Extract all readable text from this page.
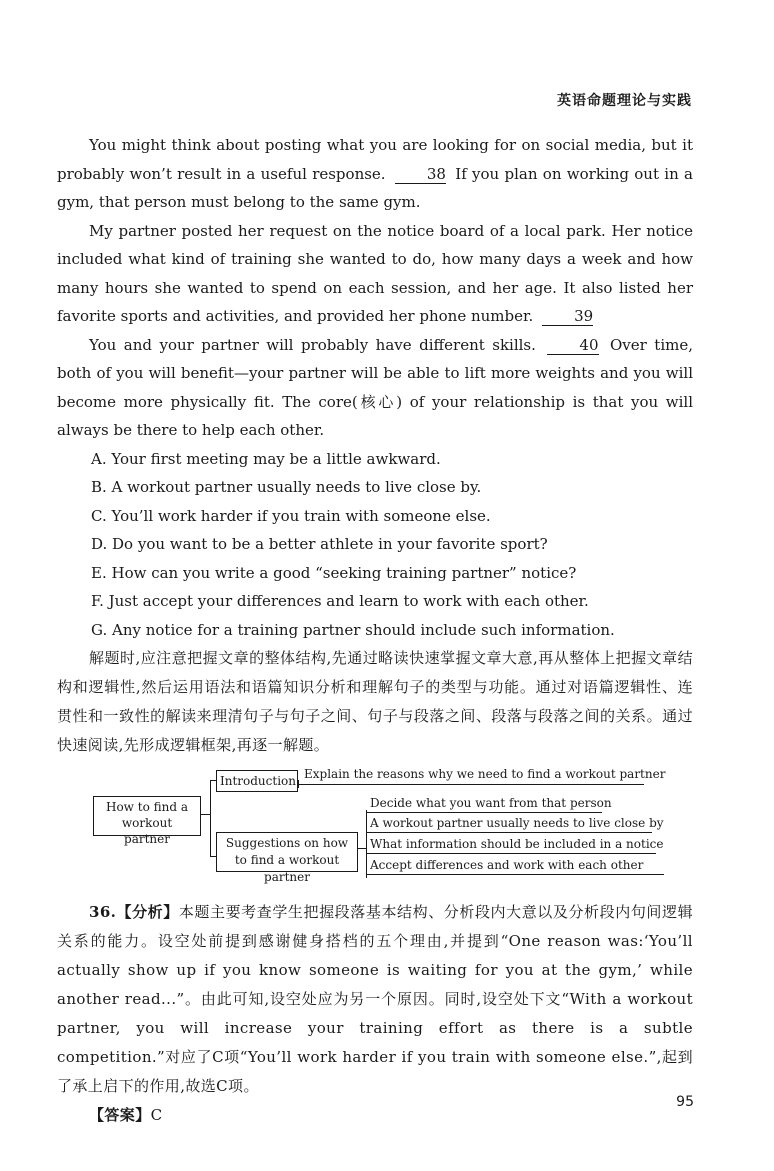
英语命题理论与实践

You might think about posting what you are looking for on social media, but it probably won’t result in a useful response.	38 If you plan on working out in a gym, that person must belong to the same gym.

My partner posted her request on the notice board of a local park. Her notice included what kind of training she wanted to do, how many days a week and how many hours she wanted to spend on each session, and her age. It also listed her favorite sports and activities, and provided her phone number.	39

You and your partner will probably have different skills.	40 Over time, both of you will benefit—your partner will be able to lift more weights and you will become more physically fit. The core(核心) of your relationship is that you will always be there to help each other.

A. Your first meeting may be a little awkward.

B. A workout partner usually needs to live close by.

C. You’ll work harder if you train with someone else.

D. Do you want to be a better athlete in your favorite sport?

E. How can you write a good “seeking training partner” notice?

F. Just accept your differences and learn to work with each other.

G. Any notice for a training partner should include such information.

解题时,应注意把握文章的整体结构,先通过略读快速掌握文章大意,再从整体上把握文章结构和逻辑性,然后运用语法和语篇知识分析和理解句子的类型与功能。通过对语篇逻辑性、连贯性和一致性的解读来理清句子与句子之间、句子与段落之间、段落与段落之间的关系。通过快速阅读,先形成逻辑框架,再逐一解题。

How to find a workout partner
Introduction Explain the reasons why we need to find a workout partner
Suggestions on how to find a workout partner
Decide what you want from that person
A workout partner usually needs to live close by
What information should be included in a notice
Accept differences and work with each other

36.【分析】本题主要考查学生把握段落基本结构、分析段内大意以及分析段内句间逻辑关系的能力。设空处前提到感谢健身搭档的五个理由,并提到“One reason was:‘You’ll actually show up if you know someone is waiting for you at the gym,’ while another read...”。由此可知,设空处应为另一个原因。同时,设空处下文“With a workout partner, you will increase your training effort as there is a subtle competition.”对应了C项“You’ll work harder if you train with someone else.”,起到了承上启下的作用,故选C项。

【答案】C

95
